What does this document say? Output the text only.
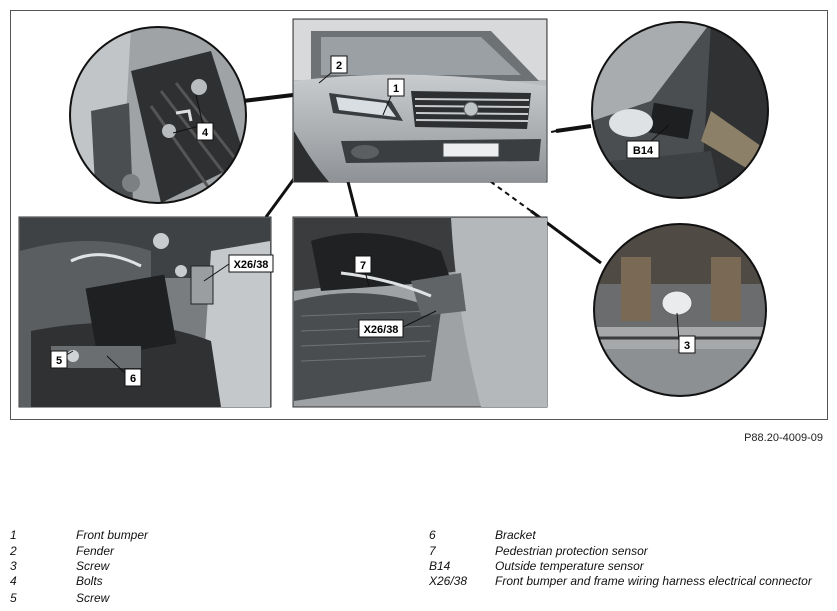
2
1
4
B14
X26/38
5
6
7
X26/38
3
P88.20-4009-09
1	Front bumper
2	Fender
3	Screw
4	Bolts
5	Screw
6	Bracket
7	Pedestrian protection sensor
B14	Outside temperature sensor
X26/38 Front bumper and frame wiring harness electrical connector
